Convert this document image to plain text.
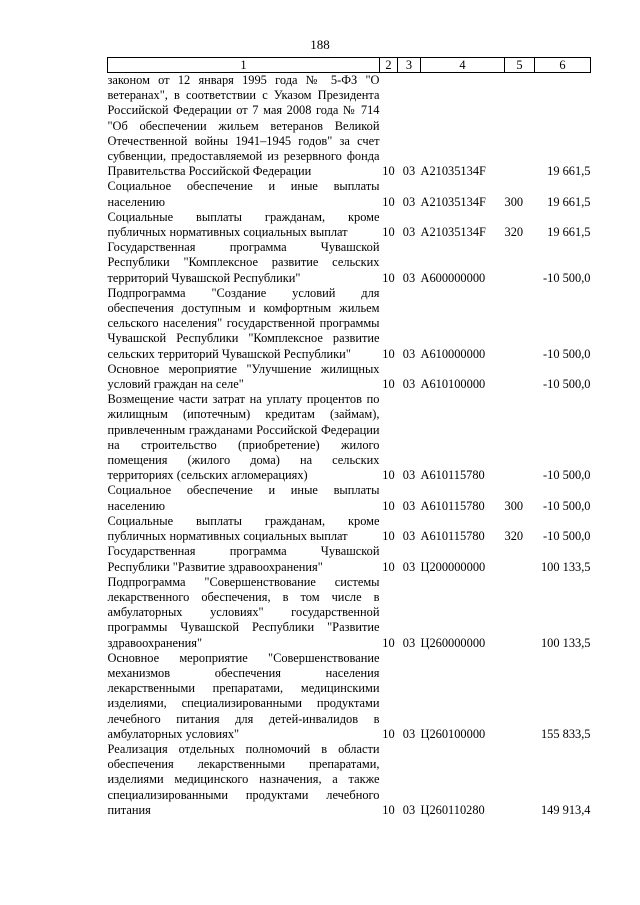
188
1	2	3	4	5	6
законом от 12 января 1995 года № 5-ФЗ "О ветеранах", в соответствии с Указом Президента Российской Федерации от 7 мая 2008 года № 714 "Об обеспечении жильем ветеранов Великой Отечественной войны 1941–1945 годов" за счет субвенции, предоставляемой из резервного фонда Правительства Российской Федерации	10	03	A21035134F		19 661,5
Социальное обеспечение и иные выплаты населению	10	03	A21035134F	300	19 661,5
Социальные выплаты гражданам, кроме публичных нормативных социальных выплат	10	03	A21035134F	320	19 661,5
Государственная программа Чувашской Республики "Комплексное развитие сельских территорий Чувашской Республики"	10	03	A600000000		-10 500,0
Подпрограмма "Создание условий для обеспечения доступным и комфортным жильем сельского населения" государственной программы Чувашской Республики "Комплексное развитие сельских территорий Чувашской Республики"	10	03	A610000000		-10 500,0
Основное мероприятие "Улучшение жилищных условий граждан на селе"	10	03	A610100000		-10 500,0
Возмещение части затрат на уплату процентов по жилищным (ипотечным) кредитам (займам), привлеченным гражданами Российской Федерации на строительство (приобретение) жилого помещения (жилого дома) на сельских территориях (сельских агломерациях)	10	03	A610115780		-10 500,0
Социальное обеспечение и иные выплаты населению	10	03	A610115780	300	-10 500,0
Социальные выплаты гражданам, кроме публичных нормативных социальных выплат	10	03	A610115780	320	-10 500,0
Государственная программа Чувашской Республики "Развитие здравоохранения"	10	03	Ц200000000		100 133,5
Подпрограмма "Совершенствование системы лекарственного обеспечения, в том числе в амбулаторных условиях" государственной программы Чувашской Республики "Развитие здравоохранения"	10	03	Ц260000000		100 133,5
Основное мероприятие "Совершенствование механизмов обеспечения населения лекарственными препаратами, медицинскими изделиями, специализированными продуктами лечебного питания для детей-инвалидов в амбулаторных условиях"	10	03	Ц260100000		155 833,5
Реализация отдельных полномочий в области обеспечения лекарственными препаратами, изделиями медицинского назначения, а также специализированными продуктами лечебного питания	10	03	Ц260110280		149 913,4
